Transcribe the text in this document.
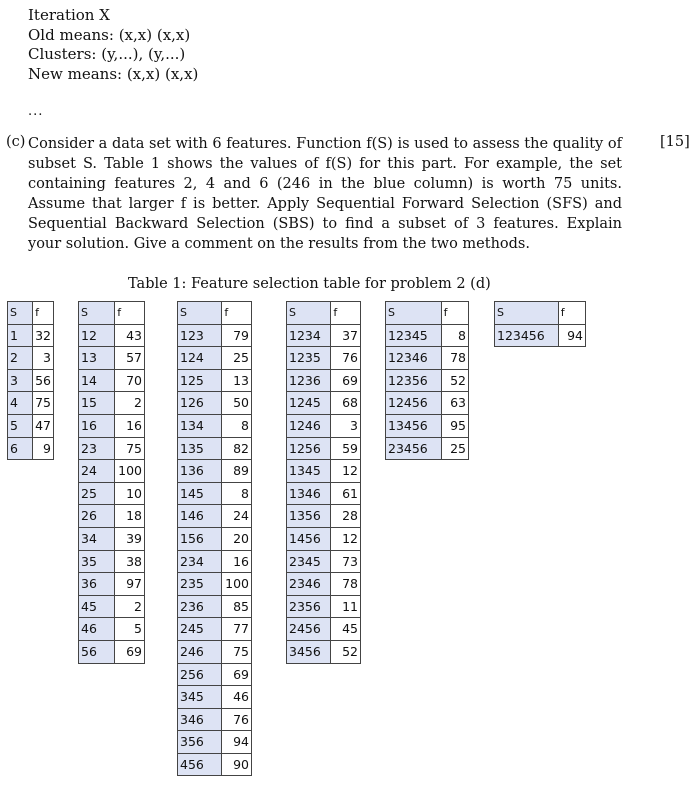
Iteration X
Old means: (x,x) (x,x)
Clusters: (y,...), (y,...)
New means: (x,x) (x,x)
...
(c) Consider a data set with 6 features. Function f(S) is used to assess the quality of subset S. Table 1 shows the values of f(S) for this part. For example, the set containing features 2, 4 and 6 (246 in the blue column) is worth 75 units. Assume that larger f is better. Apply Sequential Forward Selection (SFS) and Sequential Backward Selection (SBS) to find a subset of 3 features. Explain your solution. Give a comment on the results from the two methods.
[15]
Table 1: Feature selection table for problem 2 (d)
S	f
1	32
2	3
3	56
4	75
5	47
6	9
S	f
12	43
13	57
14	70
15	2
16	16
23	75
24	100
25	10
26	18
34	39
35	38
36	97
45	2
46	5
56	69
S	f
123	79
124	25
125	13
126	50
134	8
135	82
136	89
145	8
146	24
156	20
234	16
235	100
236	85
245	77
246	75
256	69
345	46
346	76
356	94
456	90
S	f
1234	37
1235	76
1236	69
1245	68
1246	3
1256	59
1345	12
1346	61
1356	28
1456	12
2345	73
2346	78
2356	11
2456	45
3456	52
S	f
12345	8
12346	78
12356	52
12456	63
13456	95
23456	25
S	f
123456	94
